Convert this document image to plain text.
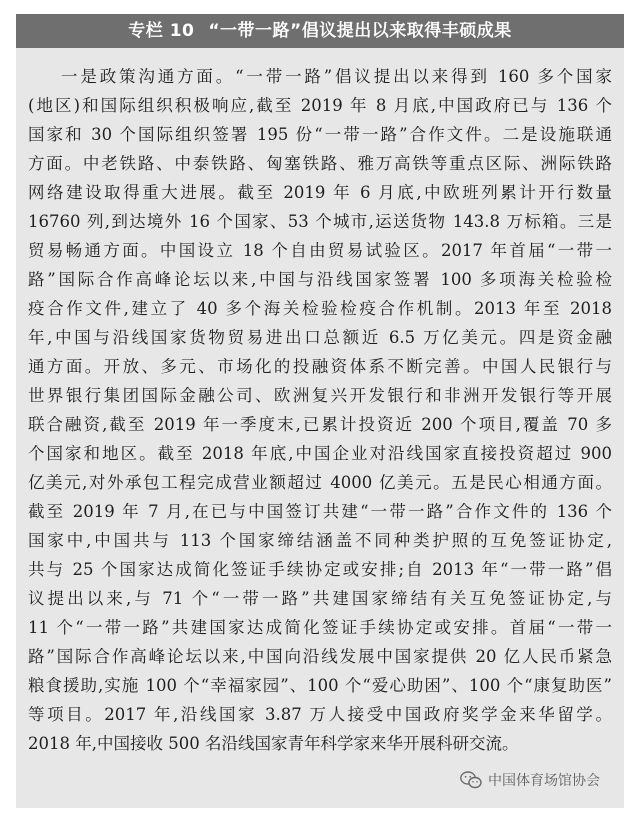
专栏 10 “一带一路”倡议提出以来取得丰硕成果
一是政策沟通方面。“一带一路”倡议提出以来得到 160 多个国家
(地区)和国际组织积极响应,截至 2019 年 8 月底,中国政府已与 136 个
国家和 30 个国际组织签署 195 份“一带一路”合作文件。二是设施联通
方面。中老铁路、中泰铁路、匈塞铁路、雅万高铁等重点区际、洲际铁路
网络建设取得重大进展。截至 2019 年 6 月底,中欧班列累计开行数量
16760 列,到达境外 16 个国家、53 个城市,运送货物 143.8 万标箱。三是
贸易畅通方面。中国设立 18 个自由贸易试验区。2017 年首届“一带一
路”国际合作高峰论坛以来,中国与沿线国家签署 100 多项海关检验检
疫合作文件,建立了 40 多个海关检验检疫合作机制。2013 年至 2018
年,中国与沿线国家货物贸易进出口总额近 6.5 万亿美元。四是资金融
通方面。开放、多元、市场化的投融资体系不断完善。中国人民银行与
世界银行集团国际金融公司、欧洲复兴开发银行和非洲开发银行等开展
联合融资,截至 2019 年一季度末,已累计投资近 200 个项目,覆盖 70 多
个国家和地区。截至 2018 年底,中国企业对沿线国家直接投资超过 900
亿美元,对外承包工程完成营业额超过 4000 亿美元。五是民心相通方面。
截至 2019 年 7 月,在已与中国签订共建“一带一路”合作文件的 136 个
国家中,中国共与 113 个国家缔结涵盖不同种类护照的互免签证协定,
共与 25 个国家达成简化签证手续协定或安排;自 2013 年“一带一路”倡
议提出以来,与 71 个“一带一路”共建国家缔结有关互免签证协定,与
11 个“一带一路”共建国家达成简化签证手续协定或安排。首届“一带一
路”国际合作高峰论坛以来,中国向沿线发展中国家提供 20 亿人民币紧急
粮食援助,实施 100 个“幸福家园”、100 个“爱心助困”、100 个“康复助医”
等项目。2017 年,沿线国家 3.87 万人接受中国政府奖学金来华留学。
2018 年,中国接收 500 名沿线国家青年科学家来华开展科研交流。
中国体育场馆协会
